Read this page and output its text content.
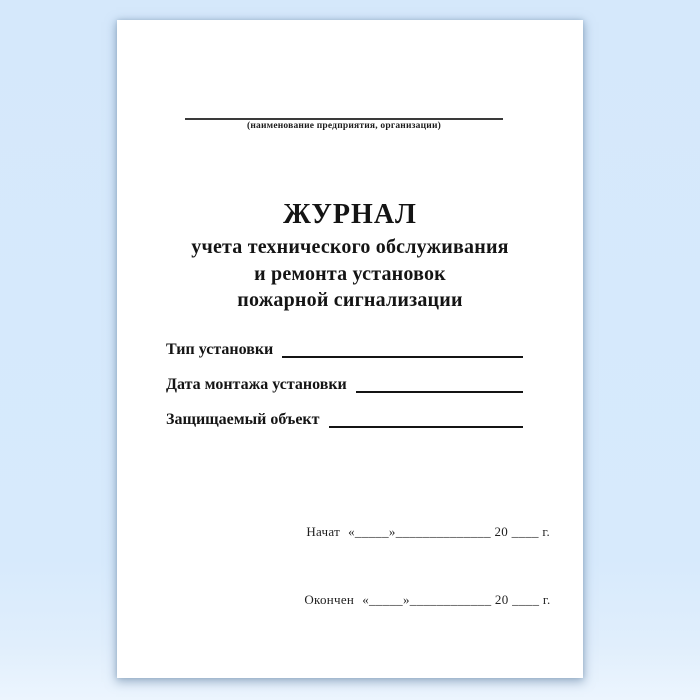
(наименование предприятия, организации)
ЖУРНАЛ
учета технического обслуживания
и ремонта установок
пожарной сигнализации
Тип установки
Дата монтажа установки
Защищаемый объект

Начат «_____»______________ 20 ____ г.

Окончен «_____»____________ 20 ____ г.
